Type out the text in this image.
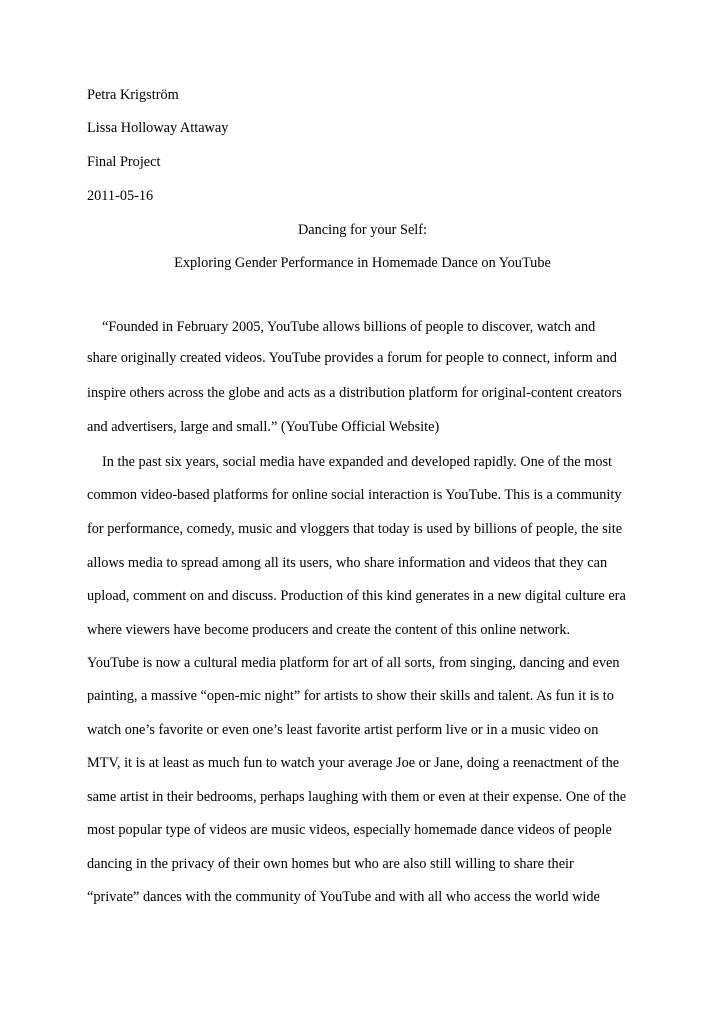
Petra Krigström
Lissa Holloway Attaway
Final Project
2011-05-16
Dancing for your Self:
Exploring Gender Performance in Homemade Dance on YouTube
“Founded in February 2005, YouTube allows billions of people to discover, watch and
share originally created videos. YouTube provides a forum for people to connect, inform and
inspire others across the globe and acts as a distribution platform for original-content creators
and advertisers, large and small.” (YouTube Official Website)
In the past six years, social media have expanded and developed rapidly. One of the most
common video-based platforms for online social interaction is YouTube. This is a community
for performance, comedy, music and vloggers that today is used by billions of people, the site
allows media to spread among all its users, who share information and videos that they can
upload, comment on and discuss. Production of this kind generates in a new digital culture era
where viewers have become producers and create the content of this online network.
YouTube is now a cultural media platform for art of all sorts, from singing, dancing and even
painting, a massive “open-mic night” for artists to show their skills and talent. As fun it is to
watch one’s favorite or even one’s least favorite artist perform live or in a music video on
MTV, it is at least as much fun to watch your average Joe or Jane, doing a reenactment of the
same artist in their bedrooms, perhaps laughing with them or even at their expense. One of the
most popular type of videos are music videos, especially homemade dance videos of people
dancing in the privacy of their own homes but who are also still willing to share their
“private” dances with the community of YouTube and with all who access the world wide
